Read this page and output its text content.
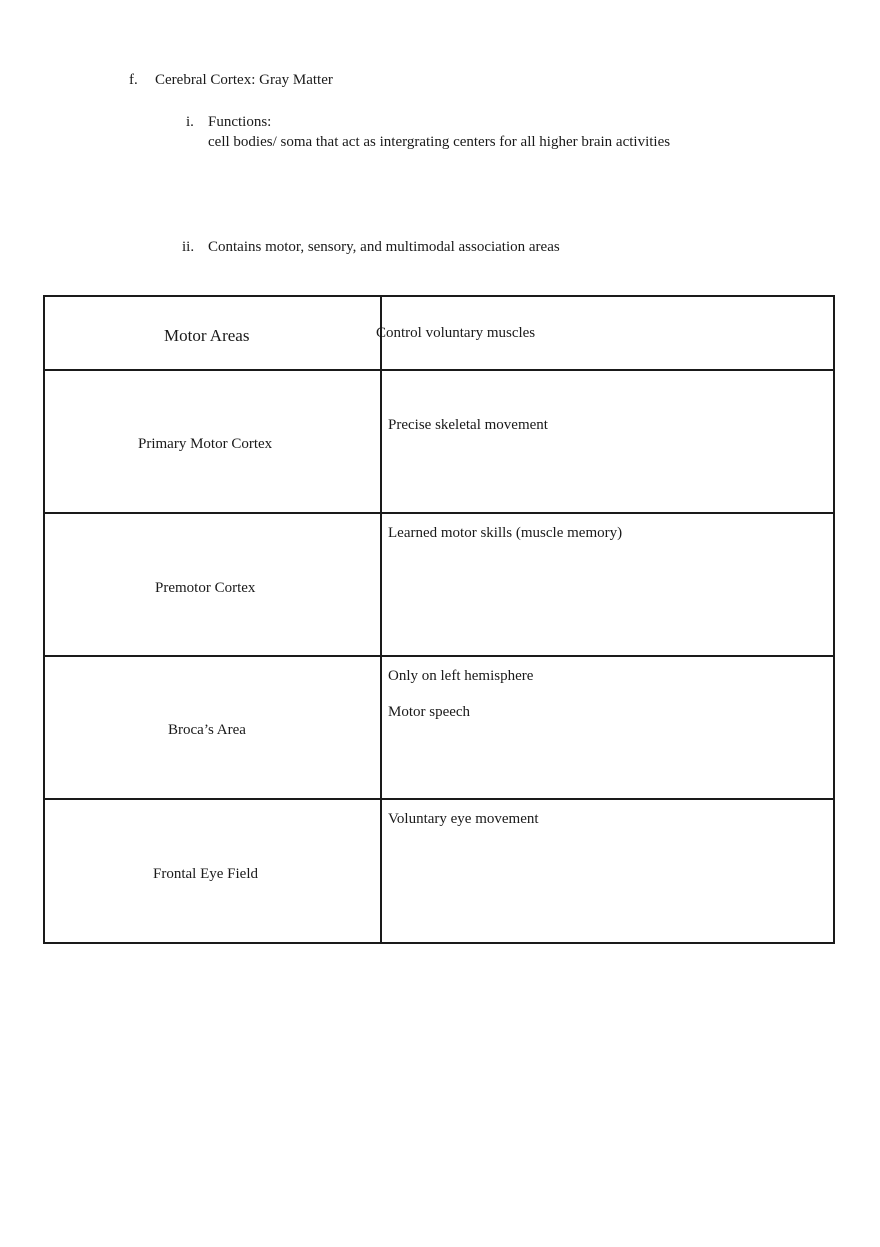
f. Cerebral Cortex: Gray Matter
i. Functions:
cell bodies/ soma that act as intergrating centers for all higher brain activities
ii. Contains motor, sensory, and multimodal association areas
Motor Areas	Control voluntary muscles
Primary Motor Cortex
Precise skeletal movement
Premotor Cortex
Learned motor skills (muscle memory)
Broca’s Area
Only on left hemisphere
Motor speech
Frontal Eye Field
Voluntary eye movement
